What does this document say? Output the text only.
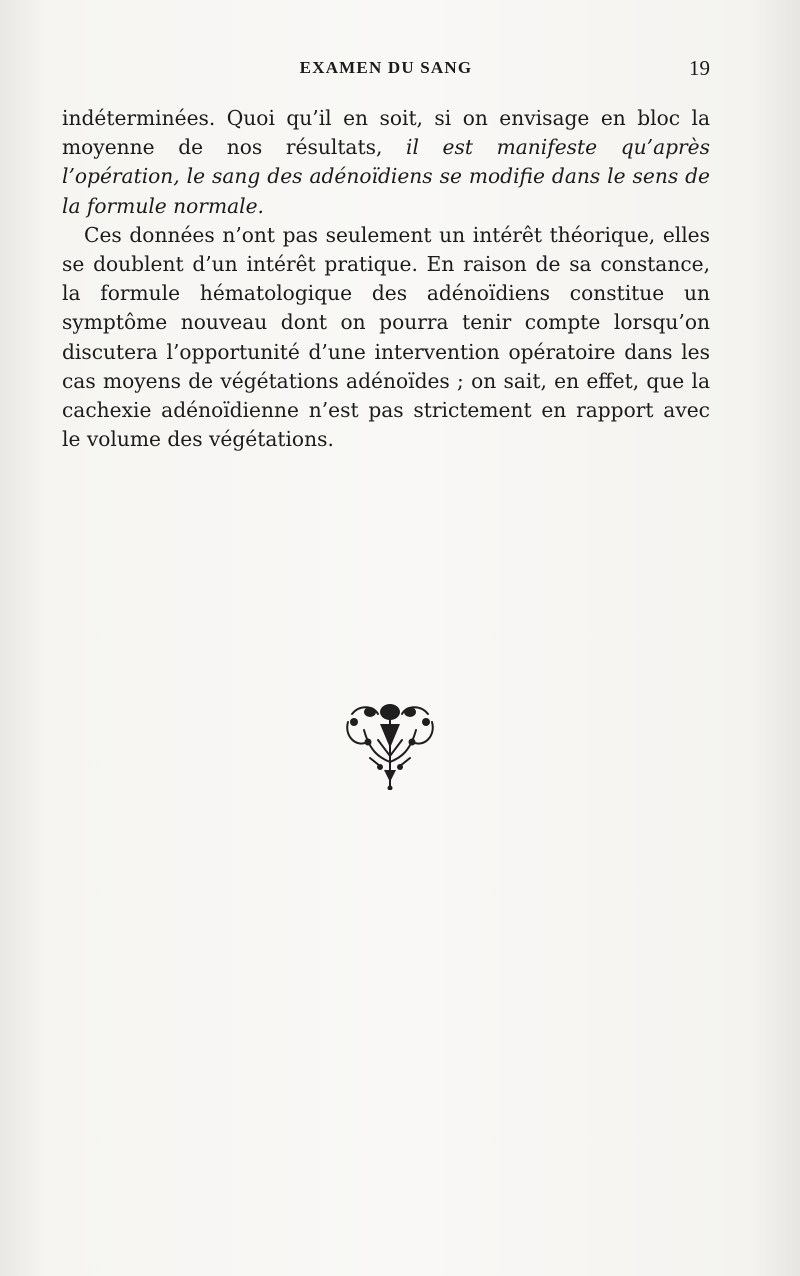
EXAMEN DU SANG	19

indéterminées. Quoi qu’il en soit, si on envisage en bloc la moyenne de nos résultats, il est manifeste qu’après l’opération, le sang des adénoïdiens se modifie dans le sens de la formule normale.

Ces données n’ont pas seulement un intérêt théorique, elles se doublent d’un intérêt pratique. En raison de sa constance, la formule hématologique des adénoïdiens constitue un symptôme nouveau dont on pourra tenir compte lorsqu’on discutera l’opportunité d’une intervention opératoire dans les cas moyens de végétations adénoïdes ; on sait, en effet, que la cachexie adénoïdienne n’est pas strictement en rapport avec le volume des végétations.
